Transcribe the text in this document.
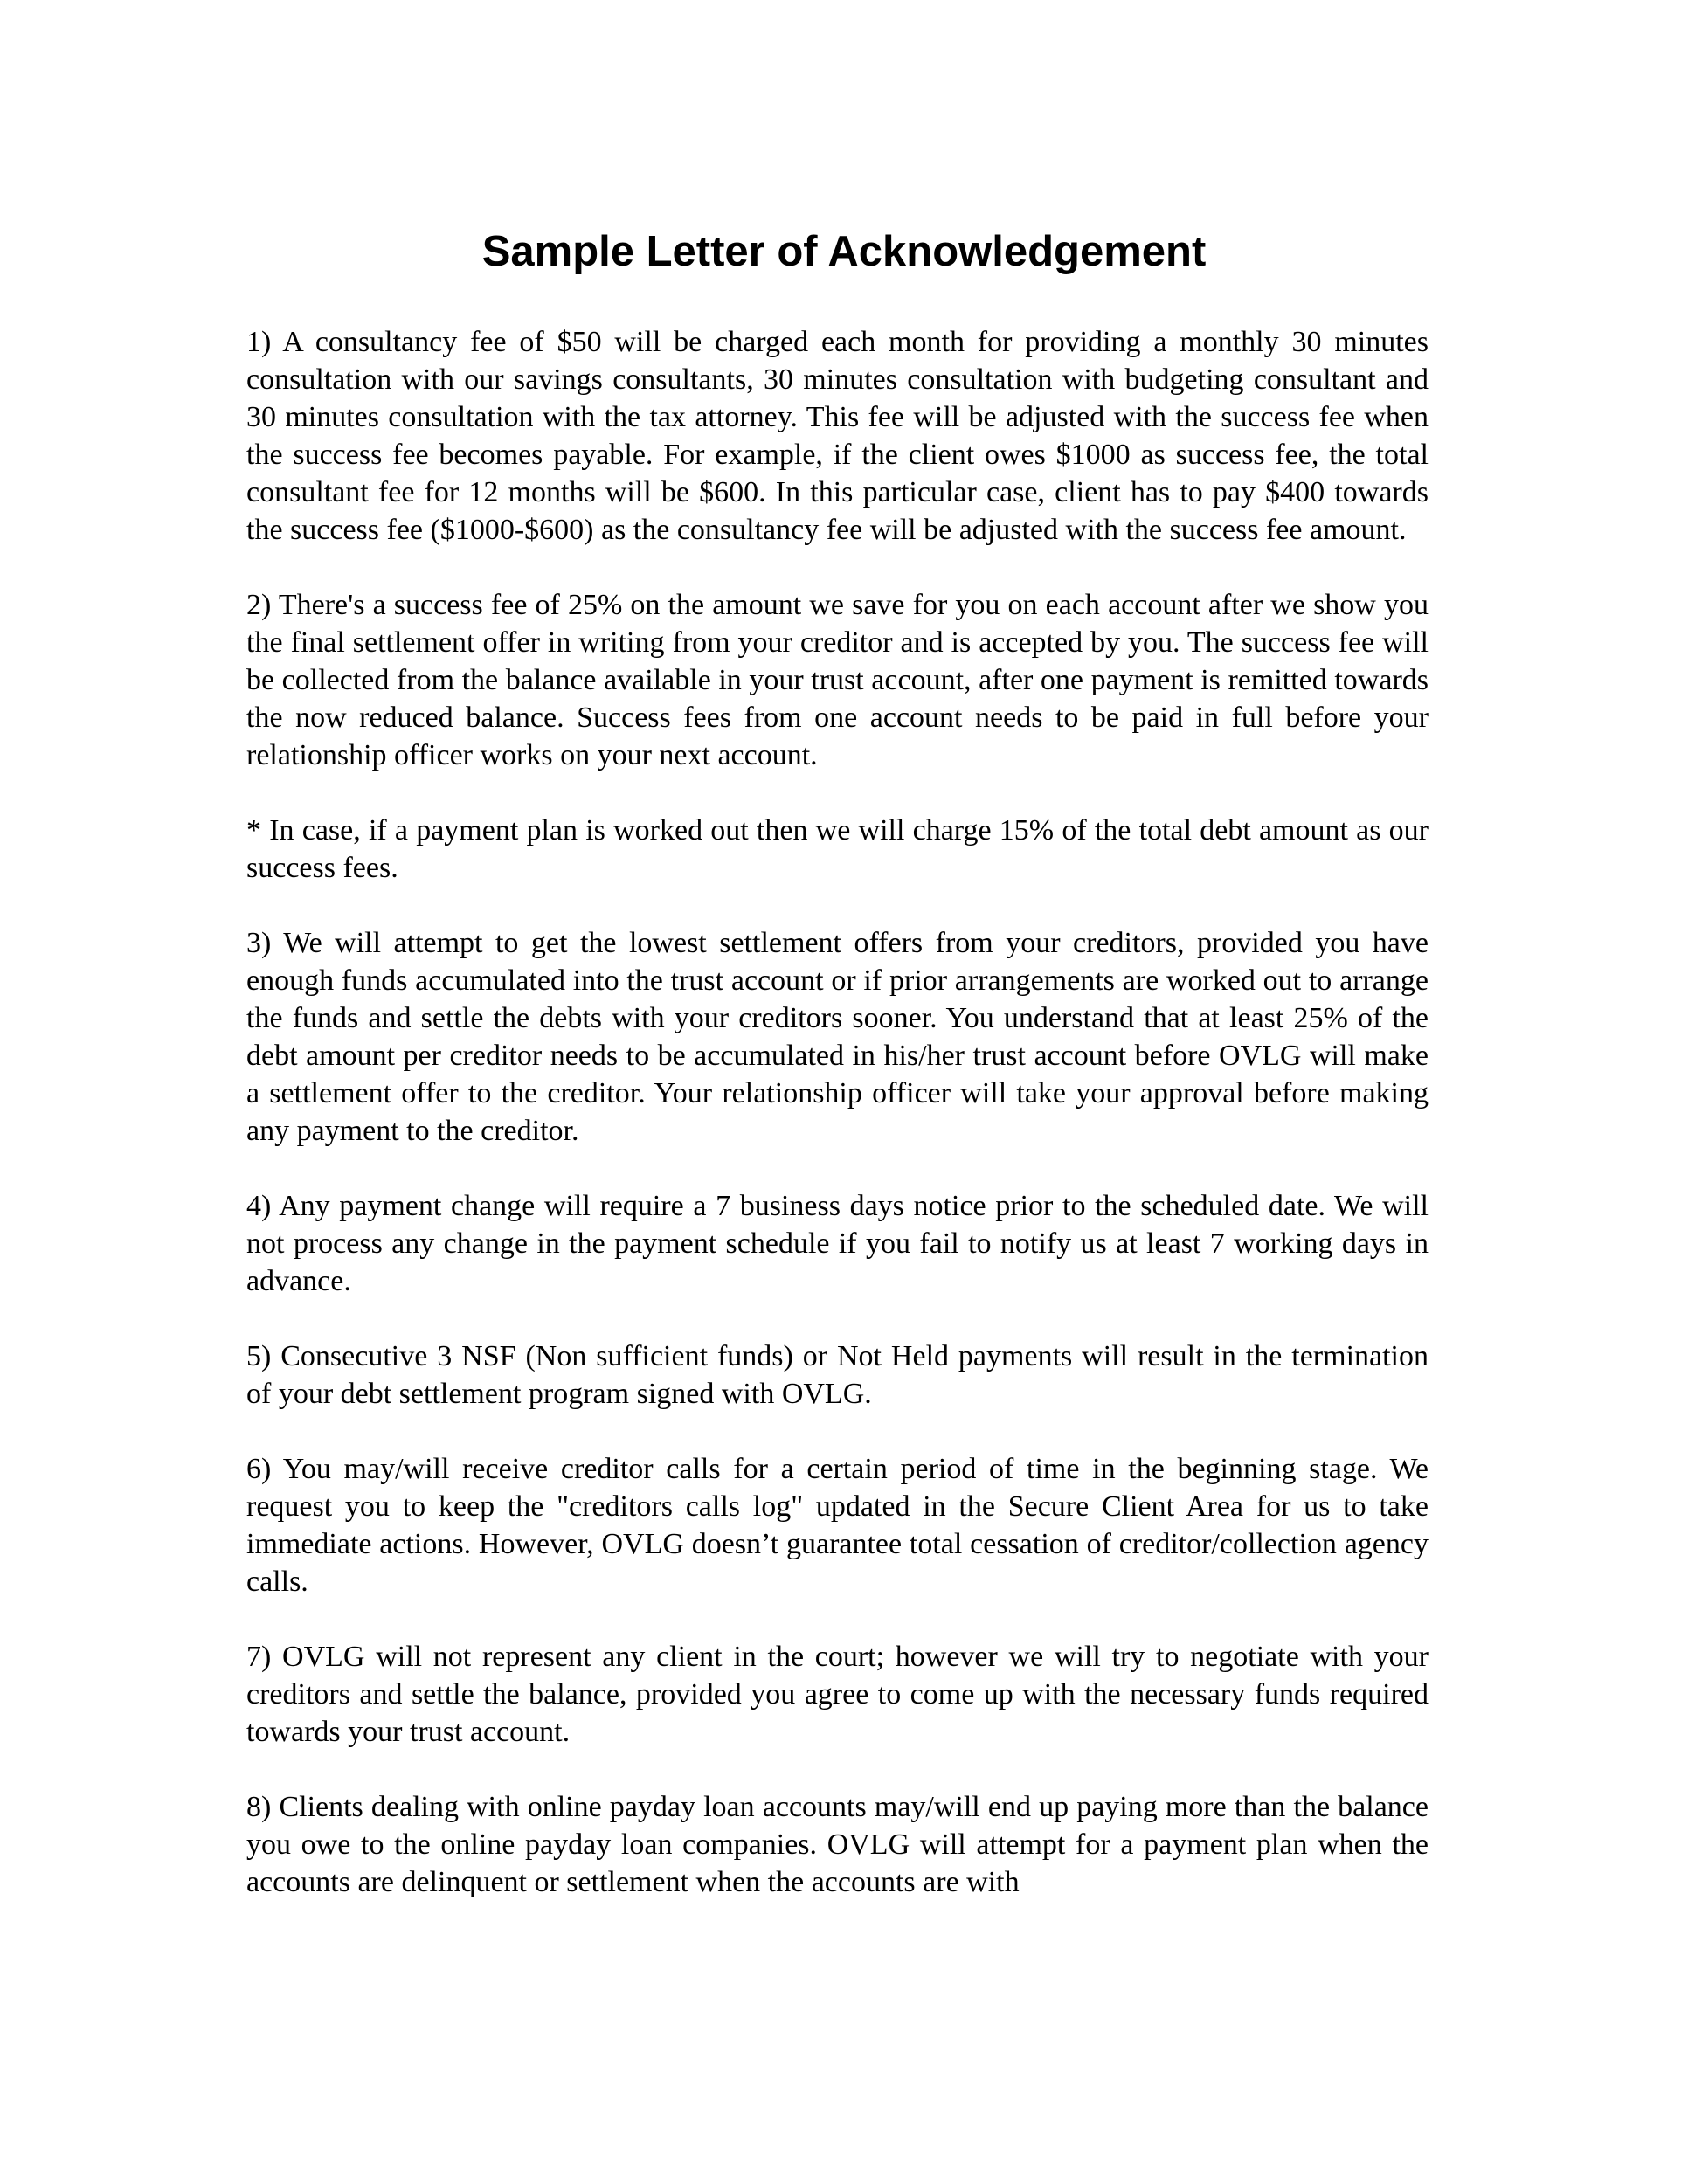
Sample Letter of Acknowledgement

1) A consultancy fee of $50 will be charged each month for providing a monthly 30 minutes consultation with our savings consultants, 30 minutes consultation with budgeting consultant and 30 minutes consultation with the tax attorney. This fee will be adjusted with the success fee when the success fee becomes payable. For example, if the client owes $1000 as success fee, the total consultant fee for 12 months will be $600. In this particular case, client has to pay $400 towards the success fee ($1000-$600) as the consultancy fee will be adjusted with the success fee amount.

2) There's a success fee of 25% on the amount we save for you on each account after we show you the final settlement offer in writing from your creditor and is accepted by you. The success fee will be collected from the balance available in your trust account, after one payment is remitted towards the now reduced balance. Success fees from one account needs to be paid in full before your relationship officer works on your next account.

* In case, if a payment plan is worked out then we will charge 15% of the total debt amount as our success fees.

3) We will attempt to get the lowest settlement offers from your creditors, provided you have enough funds accumulated into the trust account or if prior arrangements are worked out to arrange the funds and settle the debts with your creditors sooner. You understand that at least 25% of the debt amount per creditor needs to be accumulated in his/her trust account before OVLG will make a settlement offer to the creditor. Your relationship officer will take your approval before making any payment to the creditor.

4) Any payment change will require a 7 business days notice prior to the scheduled date. We will not process any change in the payment schedule if you fail to notify us at least 7 working days in advance.

5) Consecutive 3 NSF (Non sufficient funds) or Not Held payments will result in the termination of your debt settlement program signed with OVLG.

6) You may/will receive creditor calls for a certain period of time in the beginning stage. We request you to keep the "creditors calls log" updated in the Secure Client Area for us to take immediate actions. However, OVLG doesn’t guarantee total cessation of creditor/collection agency calls.

7) OVLG will not represent any client in the court; however we will try to negotiate with your creditors and settle the balance, provided you agree to come up with the necessary funds required towards your trust account.

8) Clients dealing with online payday loan accounts may/will end up paying more than the balance you owe to the online payday loan companies. OVLG will attempt for a payment plan when the accounts are delinquent or settlement when the accounts are with
